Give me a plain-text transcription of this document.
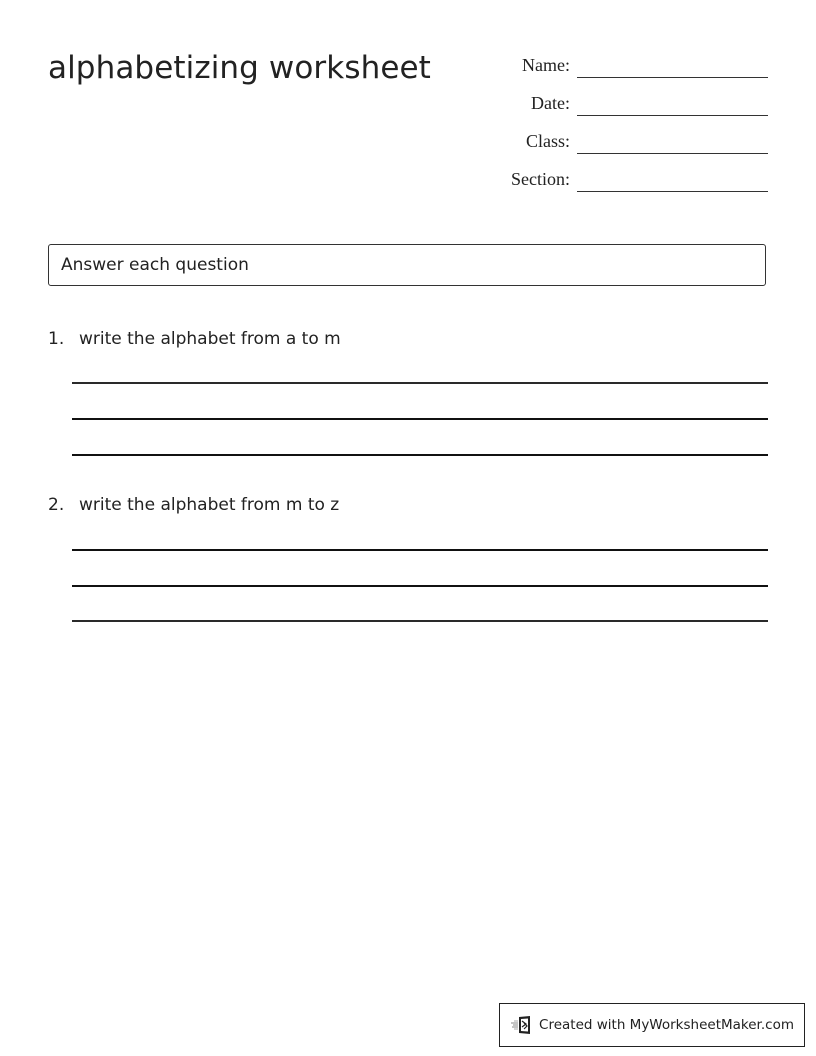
alphabetizing worksheet	Name:
Date:
Class:
Section:
Answer each question
1. write the alphabet from a to m
2. write the alphabet from m to z
Created with MyWorksheetMaker.com
